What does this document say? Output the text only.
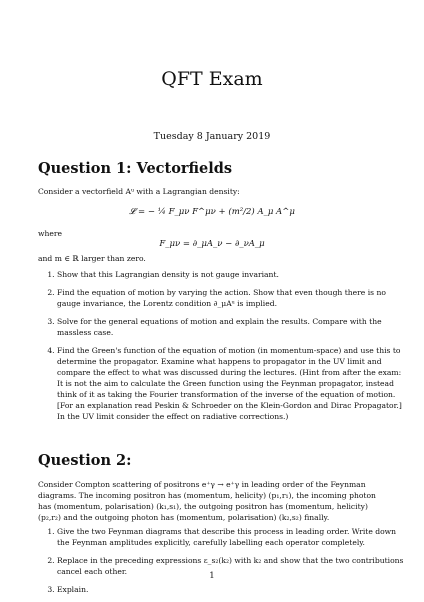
QFT Exam
Tuesday 8 January 2019
Question 1: Vectorfields

Consider a vectorfield Aᵘ with a Lagrangian density:

𝓛 = − ¼ F_μν F^μν + (m²/2) A_μ A^μ

where

F_μν = ∂_μA_ν − ∂_νA_μ

and m ∈ ℝ larger than zero.

1. Show that this Lagrangian density is not gauge invariant.
2. Find the equation of motion by varying the action. Show that even though there is no gauge invariance, the Lorentz condition ∂_μAᵘ is implied.
3. Solve for the general equations of motion and explain the results. Compare with the massless case.
4. Find the Green's function of the equation of motion (in momentum-space) and use this to determine the propagator. Examine what happens to propagator in the UV limit and compare the effect to what was discussed during the lectures. (Hint from after the exam: It is not the aim to calculate the Green function using the Feynman propagator, instead think of it as taking the Fourier transformation of the inverse of the equation of motion. [For an explanation read Peskin & Schroeder on the Klein-Gordon and Dirac Propagator.] In the UV limit consider the effect on radiative corrections.)
Question 2:

Consider Compton scattering of positrons e⁺γ → e⁺γ in leading order of the Feynman diagrams. The incoming positron has (momentum, helicity) (p₁,r₁), the incoming photon has (momentum, polarisation) (k₁,s₁), the outgoing positron has (momentum, helicity) (p₂,r₂) and the outgoing photon has (momentum, polarisation) (k₂,s₂) finally.

1. Give the two Feynman diagrams that describe this process in leading order. Write down the Feynman amplitudes explicitly, carefully labelling each operator completely.
2. Replace in the preceding expressions ε_s₂(k₂) with k₂ and show that the two contributions cancel each other.
3. Explain.
1
